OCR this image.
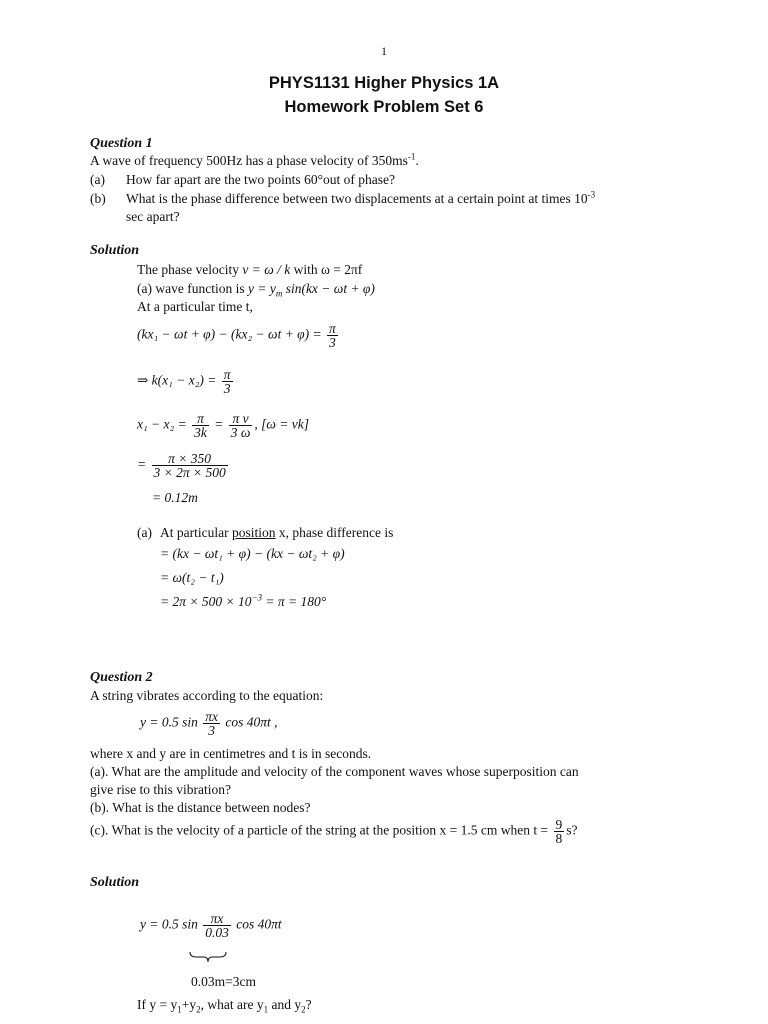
1
PHYS1131 Higher Physics 1A
Homework Problem Set 6
Question 1
A wave of frequency 500Hz has a phase velocity of $350ms^{-1}$.
(a) How far apart are the two points 60°out of phase?
(b) What is the phase difference between two displacements at a certain point at times $10^{-3}$
sec apart?
Solution
The phase velocity v = ω / k with ω = 2πf
(a) wave function is $y = y_m$ sin(kx − ωt + φ)
At a particular time t,
$(kx_1 - \omega t + \varphi) - (kx_2 - \omega t + \varphi) = \frac{\pi}{3}$
⇒ $k(x_1 - x_2) = \frac{\pi}{3}$
$x_1 - x_2 = \frac{\pi}{3k} = \frac{\text{π v}}{3 \omega}$ , [ω = vk]
= $\frac{\pi \times 350}{3 \times 2\pi \times 500}$
= 0.12m
(a) At particular position x, phase difference is
= (kx − ωt₁ + φ) − (kx − ωt₂ + φ)
= ω(t₂ − t₁)
= $2\pi \times 500 \times 10^{-3} = \pi = 180^\circ$
Question 2
A string vibrates according to the equation:
y = 0.5 $\sin \frac{\pi x}{3}$ cos 40πt ,
where x and y are in centimetres and t is in seconds.
(a). What are the amplitude and velocity of the component waves whose superposition can
give rise to this vibration?
(b). What is the distance between nodes?
(c). What is the velocity of a particle of the string at the position x = 1.5 cm when $t = \frac{9}{8} s$?
Solution
y = 0.5 $\sin \frac{\pi x}{0.03}$ cos 40πt
0.03m=3cm
If $y = y_1+y_2$, what are $y_1$ and $y_2$?
